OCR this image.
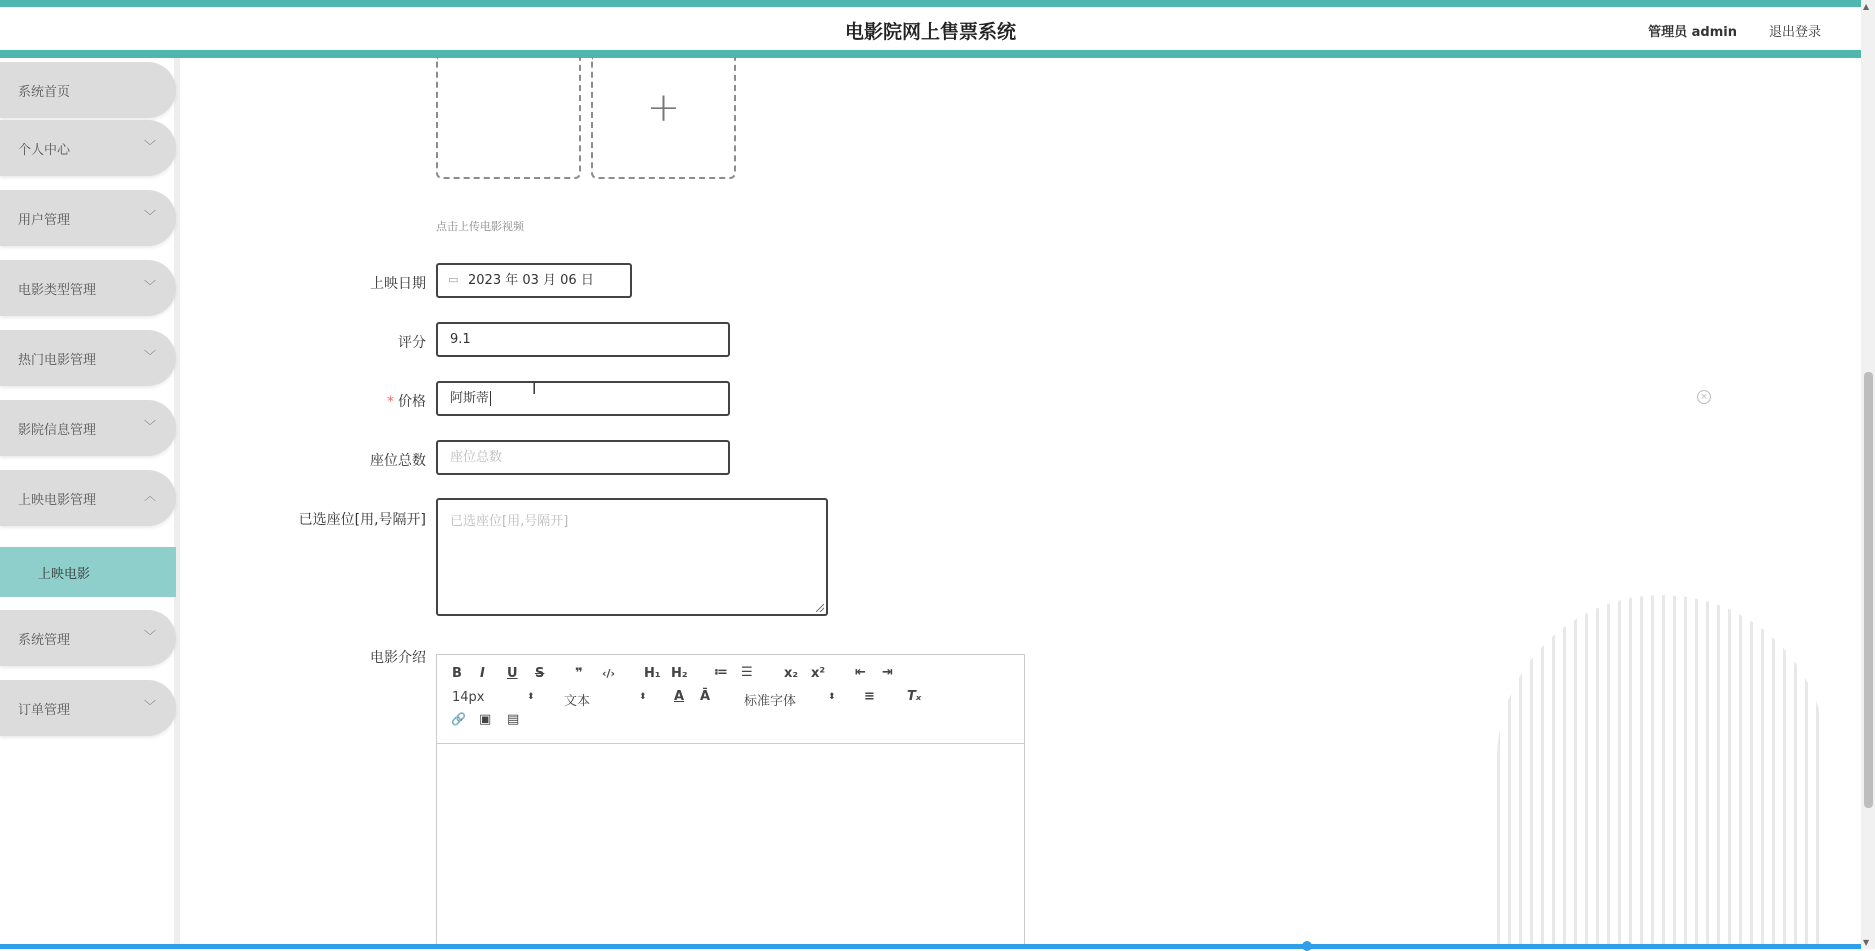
电影院网上售票系统	管理员 admin 退出登录
系统首页
个人中心	﹀
用户管理	﹀
电影类型管理	﹀
热门电影管理	﹀
影院信息管理	﹀
上映电影管理	︿
上映电影
系统管理	﹀
订单管理	﹀
+
点击上传电影视频
上映日期 ▭ 2023 年 03 月 06 日
评分	9.1
* 价格	阿斯蒂
I
座位总数	座位总数
已选座位[用,号隔开]	已选座位[用,号隔开]
电影介绍
B I U S ❞ ‹/› H₁ H₂ ≔ ☰ x₂ x² ⇤ ⇥
14px	⬍ 文本	⬍ A Ā	标准字体	⬍ ≡ Tₓ
🔗 ▣ ▤
×
▲
▼
